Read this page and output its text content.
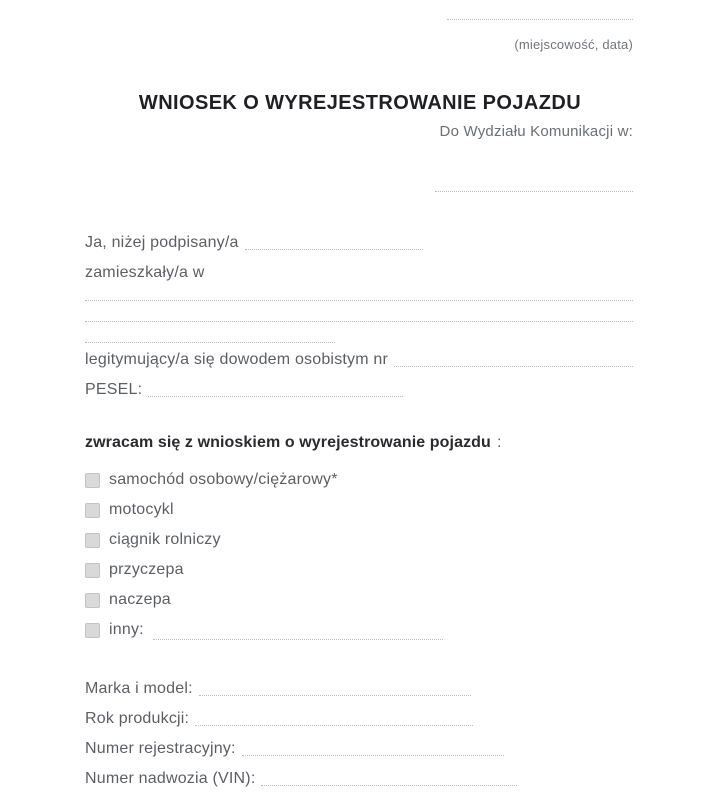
(miejscowość, data)
WNIOSEK O WYREJESTROWANIE POJAZDU
Do Wydziału Komunikacji w:
Ja, niżej podpisany/a
zamieszkały/a w
legitymujący/a się dowodem osobistym nr
PESEL:
zwracam się z wnioskiem o wyrejestrowanie pojazdu :
samochód osobowy/ciężarowy*
motocykl
ciągnik rolniczy
przyczepa
naczepa
inny:
Marka i model:
Rok produkcji:
Numer rejestracyjny:
Numer nadwozia (VIN):
